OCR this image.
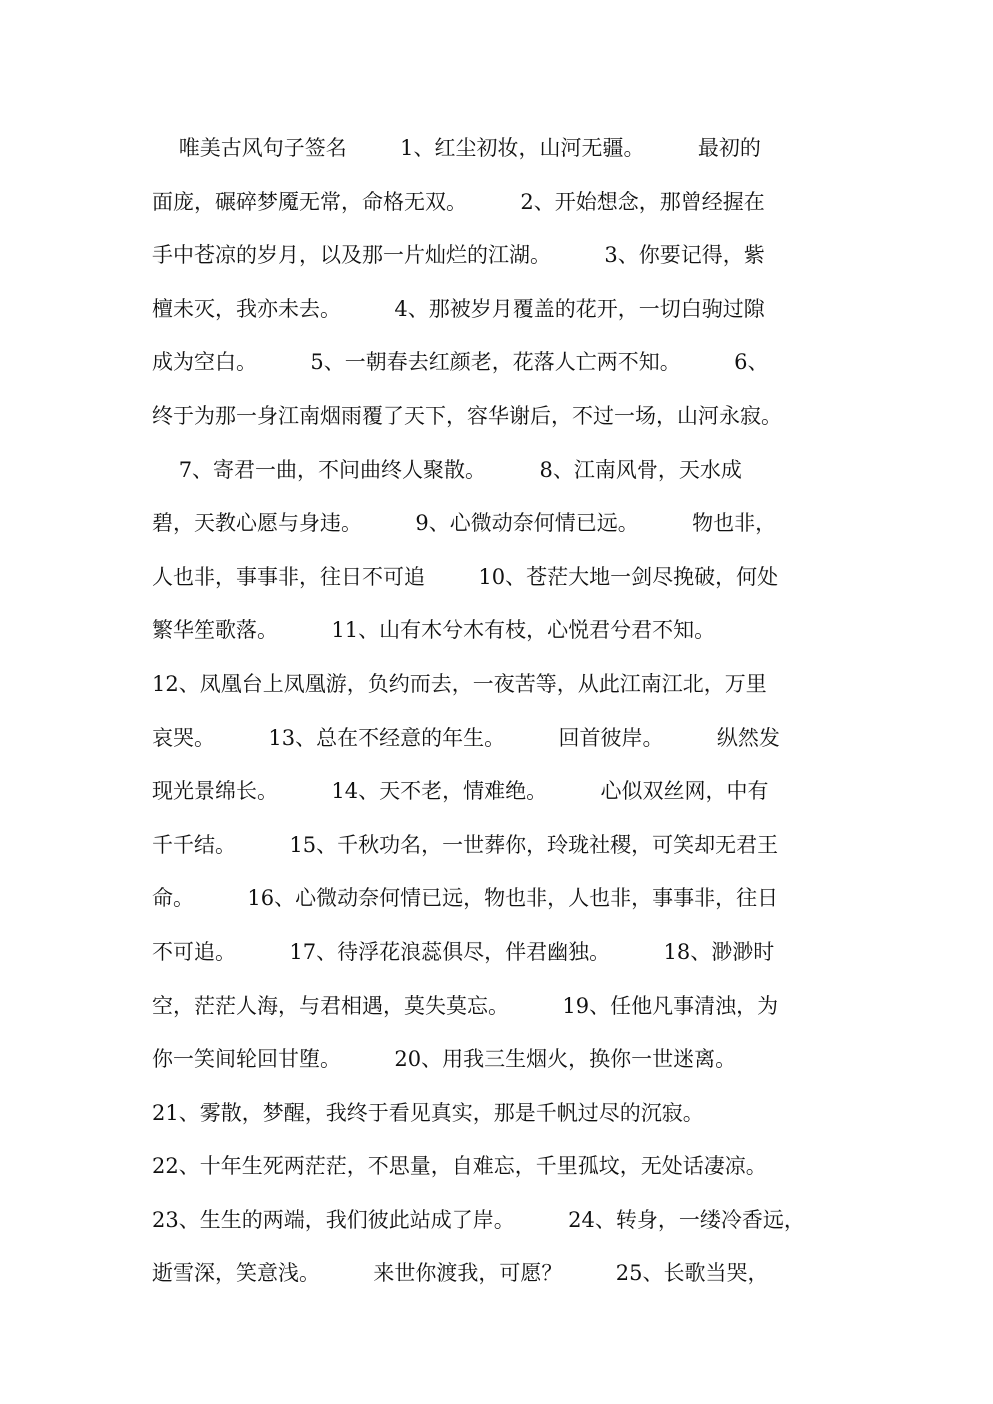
唯美古风句子签名        1、红尘初妆，山河无疆。        最初的
面庞，碾碎梦魇无常，命格无双。        2、开始想念，那曾经握在
手中苍凉的岁月，以及那一片灿烂的江湖。        3、你要记得，紫
檀未灭，我亦未去。        4、那被岁月覆盖的花开，一切白驹过隙
成为空白。        5、一朝春去红颜老，花落人亡两不知。        6、
终于为那一身江南烟雨覆了天下，容华谢后，不过一场，山河永寂。
7、寄君一曲，不问曲终人聚散。        8、江南风骨，天水成
碧，天教心愿与身违。        9、心微动奈何情已远。        物也非，
人也非，事事非，往日不可追        10、苍茫大地一剑尽挽破，何处
繁华笙歌落。        11、山有木兮木有枝，心悦君兮君不知。
12、凤凰台上凤凰游，负约而去，一夜苦等，从此江南江北，万里
哀哭。        13、总在不经意的年生。        回首彼岸。        纵然发
现光景绵长。        14、天不老，情难绝。        心似双丝网，中有
千千结。        15、千秋功名，一世葬你，玲珑社稷，可笑却无君王
命。        16、心微动奈何情已远，物也非，人也非，事事非，往日
不可追。        17、待浮花浪蕊俱尽，伴君幽独。        18、渺渺时
空，茫茫人海，与君相遇，莫失莫忘。        19、任他凡事清浊，为
你一笑间轮回甘堕。        20、用我三生烟火，换你一世迷离。
21、雾散，梦醒，我终于看见真实，那是千帆过尽的沉寂。
22、十年生死两茫茫，不思量，自难忘，千里孤坟，无处话凄凉。
23、生生的两端，我们彼此站成了岸。        24、转身，一缕冷香远，
逝雪深，笑意浅。        来世你渡我，可愿？        25、长歌当哭，
